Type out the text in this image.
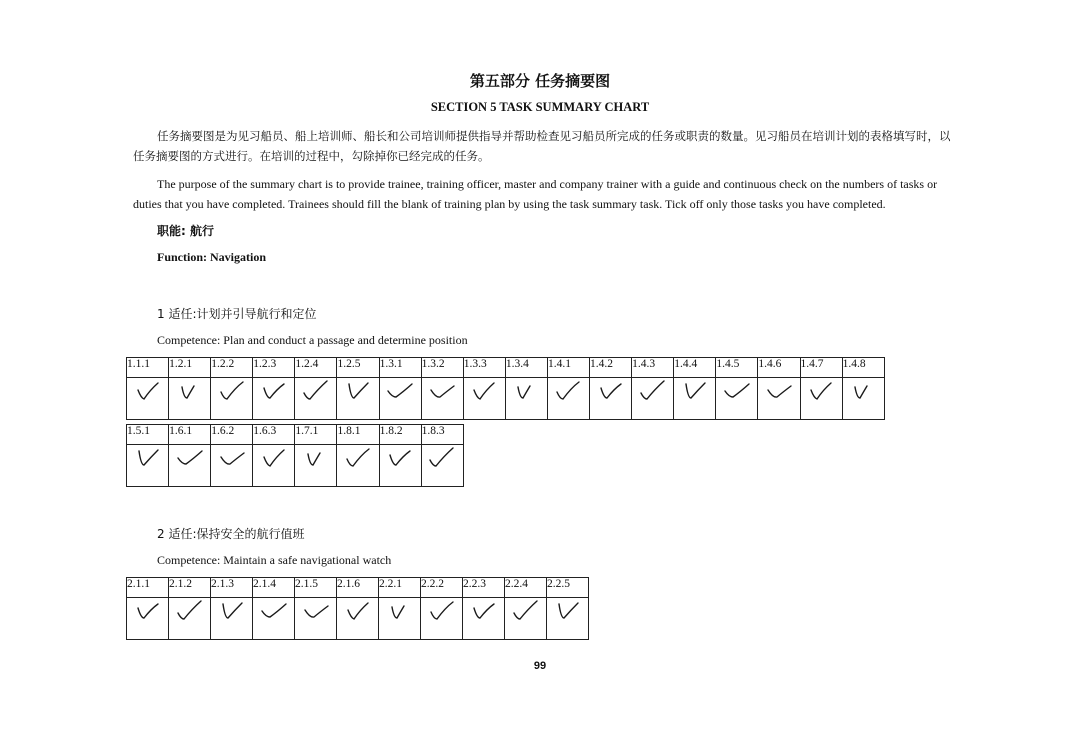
第五部分 任务摘要图
SECTION 5 TASK SUMMARY CHART
任务摘要图是为见习船员、船上培训师、船长和公司培训师提供指导并帮助检查见习船员所完成的任务或职责的数量。见习船员在培训计划的表格填写时，以任务摘要图的方式进行。在培训的过程中，勾除掉你已经完成的任务。
The purpose of the summary chart is to provide trainee, training officer, master and company trainer with a guide and continuous check on the numbers of tasks or duties that you have completed. Trainees should fill the blank of training plan by using the task summary task. Tick off only those tasks you have completed.
职能: 航行
Function: Navigation
1 适任:计划并引导航行和定位
Competence: Plan and conduct a passage and determine position
1.1.1	1.2.1	1.2.2	1.2.3	1.2.4	1.2.5	1.3.1	1.3.2	1.3.3	1.3.4	1.4.1	1.4.2	1.4.3	1.4.4	1.4.5	1.4.6	1.4.7	1.4.8

1.5.1	1.6.1	1.6.2	1.6.3	1.7.1	1.8.1	1.8.2	1.8.3

2 适任:保持安全的航行值班
Competence: Maintain a safe navigational watch
2.1.1	2.1.2	2.1.3	2.1.4	2.1.5	2.1.6	2.2.1	2.2.2	2.2.3	2.2.4	2.2.5

99
